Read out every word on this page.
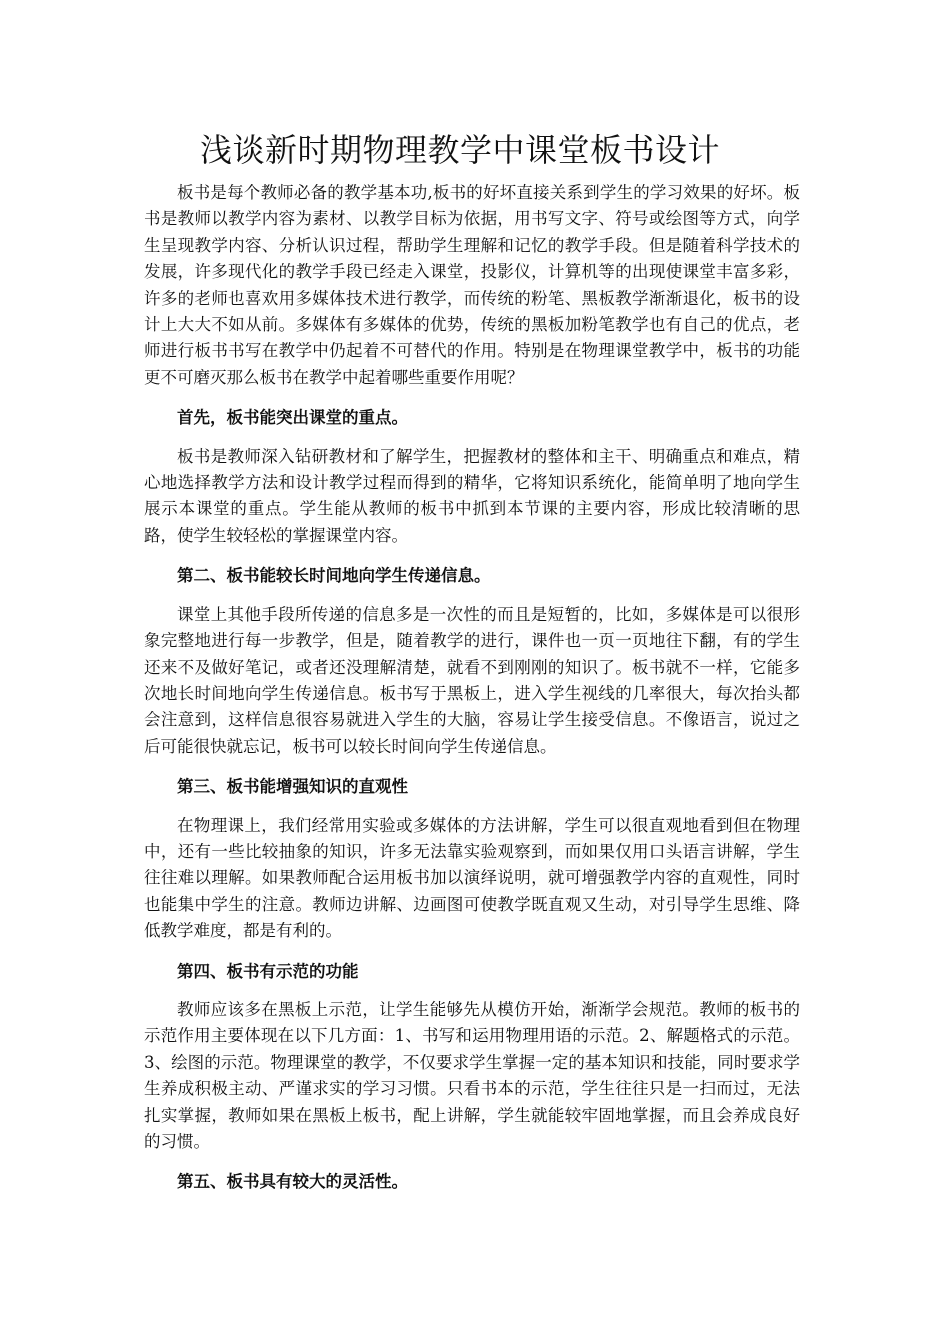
浅谈新时期物理教学中课堂板书设计

板书是每个教师必备的教学基本功,板书的好坏直接关系到学生的学习效果的好坏。板书是教师以教学内容为素材、以教学目标为依据，用书写文字、符号或绘图等方式，向学生呈现教学内容、分析认识过程，帮助学生理解和记忆的教学手段。但是随着科学技术的发展，许多现代化的教学手段已经走入课堂，投影仪，计算机等的出现使课堂丰富多彩，许多的老师也喜欢用多媒体技术进行教学，而传统的粉笔、黑板教学渐渐退化，板书的设计上大大不如从前。多媒体有多媒体的优势，传统的黑板加粉笔教学也有自己的优点，老师进行板书书写在教学中仍起着不可替代的作用。特别是在物理课堂教学中，板书的功能更不可磨灭那么板书在教学中起着哪些重要作用呢？

首先，板书能突出课堂的重点。

板书是教师深入钻研教材和了解学生，把握教材的整体和主干、明确重点和难点，精心地选择教学方法和设计教学过程而得到的精华，它将知识系统化，能简单明了地向学生展示本课堂的重点。学生能从教师的板书中抓到本节课的主要内容，形成比较清晰的思路，使学生较轻松的掌握课堂内容。

第二、板书能较长时间地向学生传递信息。

课堂上其他手段所传递的信息多是一次性的而且是短暂的，比如，多媒体是可以很形象完整地进行每一步教学，但是，随着教学的进行，课件也一页一页地往下翻，有的学生还来不及做好笔记，或者还没理解清楚，就看不到刚刚的知识了。板书就不一样，它能多次地长时间地向学生传递信息。板书写于黑板上，进入学生视线的几率很大，每次抬头都会注意到，这样信息很容易就进入学生的大脑，容易让学生接受信息。不像语言，说过之后可能很快就忘记，板书可以较长时间向学生传递信息。

第三、板书能增强知识的直观性

在物理课上，我们经常用实验或多媒体的方法讲解，学生可以很直观地看到但在物理中，还有一些比较抽象的知识，许多无法靠实验观察到，而如果仅用口头语言讲解，学生往往难以理解。如果教师配合运用板书加以演绎说明，就可增强教学内容的直观性，同时也能集中学生的注意。教师边讲解、边画图可使教学既直观又生动，对引导学生思维、降低教学难度，都是有利的。

第四、板书有示范的功能

教师应该多在黑板上示范，让学生能够先从模仿开始，渐渐学会规范。教师的板书的示范作用主要体现在以下几方面：1、书写和运用物理用语的示范。2、解题格式的示范。3、绘图的示范。物理课堂的教学，不仅要求学生掌握一定的基本知识和技能，同时要求学生养成积极主动、严谨求实的学习习惯。只看书本的示范，学生往往只是一扫而过，无法扎实掌握，教师如果在黑板上板书，配上讲解，学生就能较牢固地掌握，而且会养成良好的习惯。

第五、板书具有较大的灵活性。
